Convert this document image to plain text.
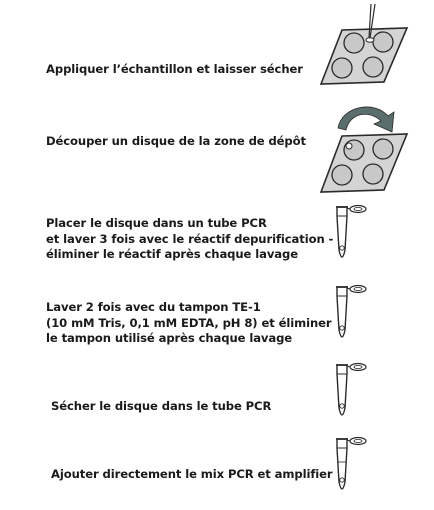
Appliquer l’échantillon et laisser sécher
Découper un disque de la zone de dépôt
Placer le disque dans un tube PCR
et laver 3 fois avec le réactif depurification -
éliminer le réactif après chaque lavage
Laver 2 fois avec du tampon TE-1
(10 mM Tris, 0,1 mM EDTA, pH 8) et éliminer
le tampon utilisé après chaque lavage
Sécher le disque dans le tube PCR
Ajouter directement le mix PCR et amplifier
